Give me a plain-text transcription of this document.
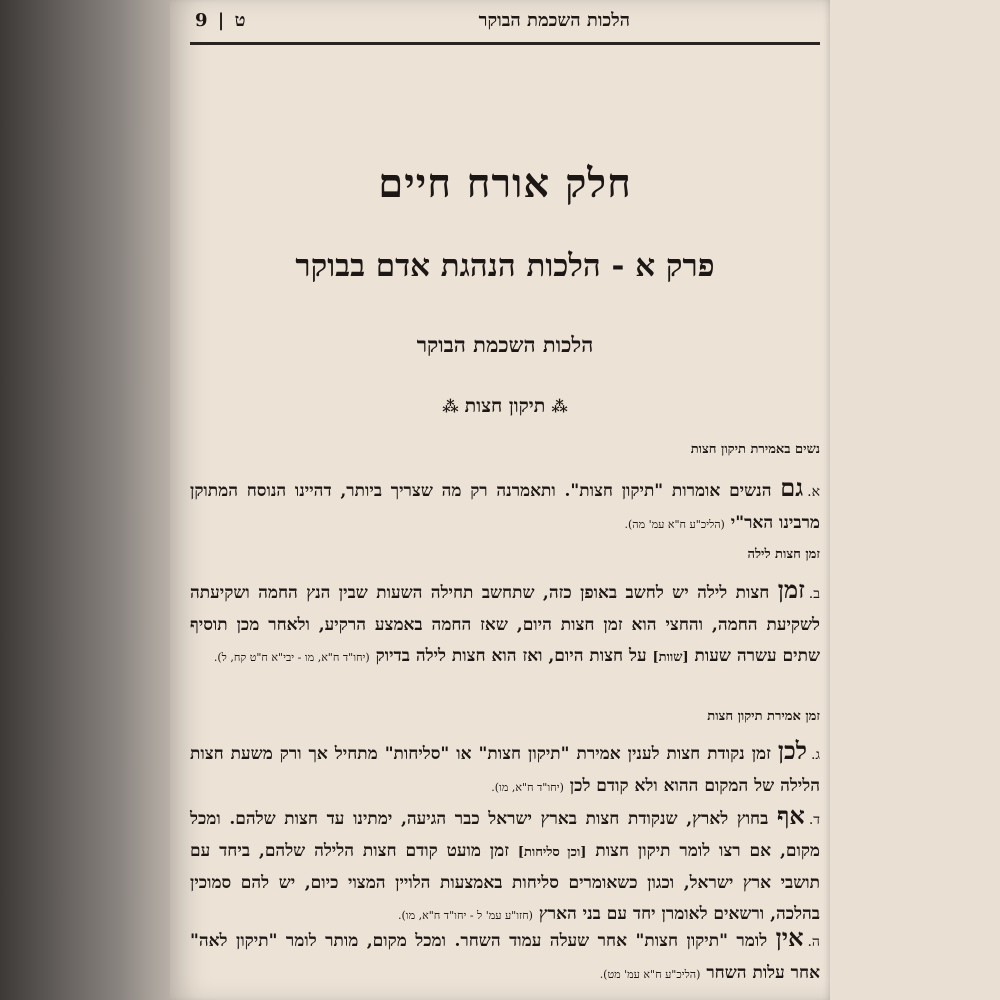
הלכות השכמת הבוקר
ט | 9
חלק אורח חיים
פרק א - הלכות הנהגת אדם בבוקר
הלכות השכמת הבוקר
⁂תיקון חצות⁂
נשים באמירת תיקון חצות
א.גם הנשים אומרות "תיקון חצות". ותאמרנה רק מה שצריך ביותר, דהיינו הנוסח המתוקן מרבינו האר"י (הליכ"ע ח"א עמ' מה).
זמן חצות לילה
ב.זמן חצות לילה יש לחשב באופן כזה, שתחשב תחילה השעות שבין הנץ החמה ושקיעתה לשקיעת החמה, והחצי הוא זמן חצות היום, שאז החמה באמצע הרקיע, ולאחר מכן תוסיף שתים עשרה שעות [שוות] על חצות היום, ואז הוא חצות לילה בדיוק (יחו"ד ח"א, מו - יבי"א ח"ט קח, ל).
זמן אמירת תיקון חצות
ג.לכן זמן נקודת חצות לענין אמירת "תיקון חצות" או "סליחות" מתחיל אך ורק משעת חצות הלילה של המקום ההוא ולא קודם לכן (יחו"ד ח"א, מו).
ד.אף בחוץ לארץ, שנקודת חצות בארץ ישראל כבר הגיעה, ימתינו עד חצות שלהם. ומכל מקום, אם רצו לומר תיקון חצות [וכן סליחות] זמן מועט קודם חצות הלילה שלהם, ביחד עם תושבי ארץ ישראל, וכגון כשאומרים סליחות באמצעות הלויין המצוי כיום, יש להם סמוכין בהלכה, ורשאים לאומרן יחד עם בני הארץ (חזו"ע עמ' ל - יחו"ד ח"א, מו).
ה.אין לומר "תיקון חצות" אחר שעלה עמוד השחר. ומכל מקום, מותר לומר "תיקון לאה" אחר עלות השחר (הליכ"ע ח"א עמ' מט).
